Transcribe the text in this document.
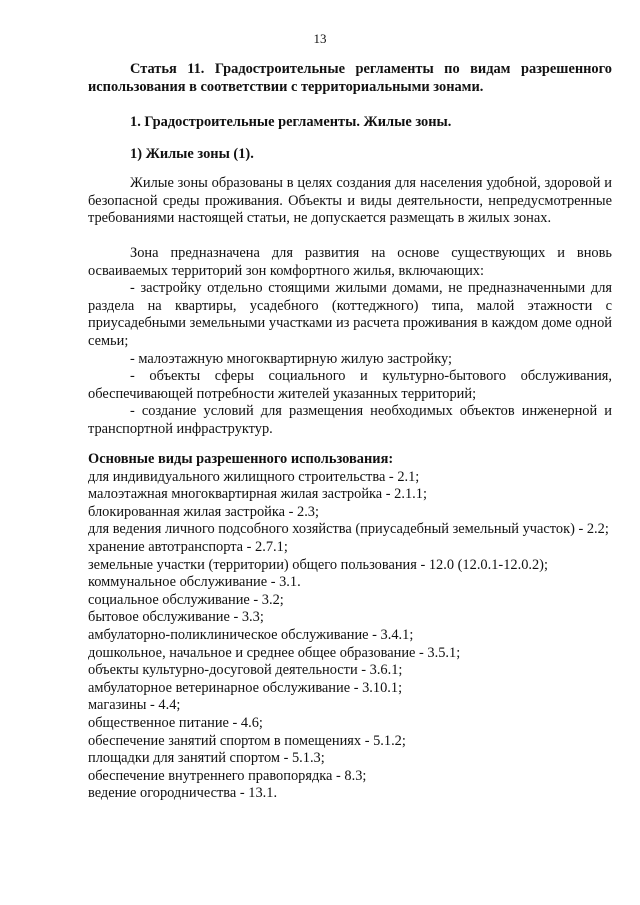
13
Статья 11. Градостроительные регламенты по видам разрешенного использования в соответствии с территориальными зонами.
1. Градостроительные регламенты. Жилые зоны.
1) Жилые зоны (1).

Жилые зоны образованы в целях создания для населения удобной, здоровой и безопасной среды проживания. Объекты и виды деятельности, непредусмотренные требованиями настоящей статьи, не допускается размещать в жилых зонах.

Зона предназначена для развития на основе существующих и вновь осваиваемых территорий зон комфортного жилья, включающих:

- застройку отдельно стоящими жилыми домами, не предназначенными для раздела на квартиры, усадебного (коттеджного) типа, малой этажности с приусадебными земельными участками из расчета проживания в каждом доме одной семьи;

- малоэтажную многоквартирную жилую застройку;

- объекты сферы социального и культурно-бытового обслуживания, обеспечивающей потребности жителей указанных территорий;

- создание условий для размещения необходимых объектов инженерной и транспортной инфраструктур.

Основные виды разрешенного использования:

для индивидуального жилищного строительства - 2.1;

малоэтажная многоквартирная жилая застройка - 2.1.1;

блокированная жилая застройка - 2.3;

для ведения личного подсобного хозяйства (приусадебный земельный участок) - 2.2;

хранение автотранспорта - 2.7.1;

земельные участки (территории) общего пользования - 12.0 (12.0.1-12.0.2);

коммунальное обслуживание - 3.1.

социальное обслуживание - 3.2;

бытовое обслуживание - 3.3;

амбулаторно-поликлиническое обслуживание - 3.4.1;

дошкольное, начальное и среднее общее образование - 3.5.1;

объекты культурно-досуговой деятельности - 3.6.1;

амбулаторное ветеринарное обслуживание - 3.10.1;

магазины - 4.4;

общественное питание - 4.6;

обеспечение занятий спортом в помещениях - 5.1.2;

площадки для занятий спортом - 5.1.3;

обеспечение внутреннего правопорядка - 8.3;

ведение огородничества - 13.1.
